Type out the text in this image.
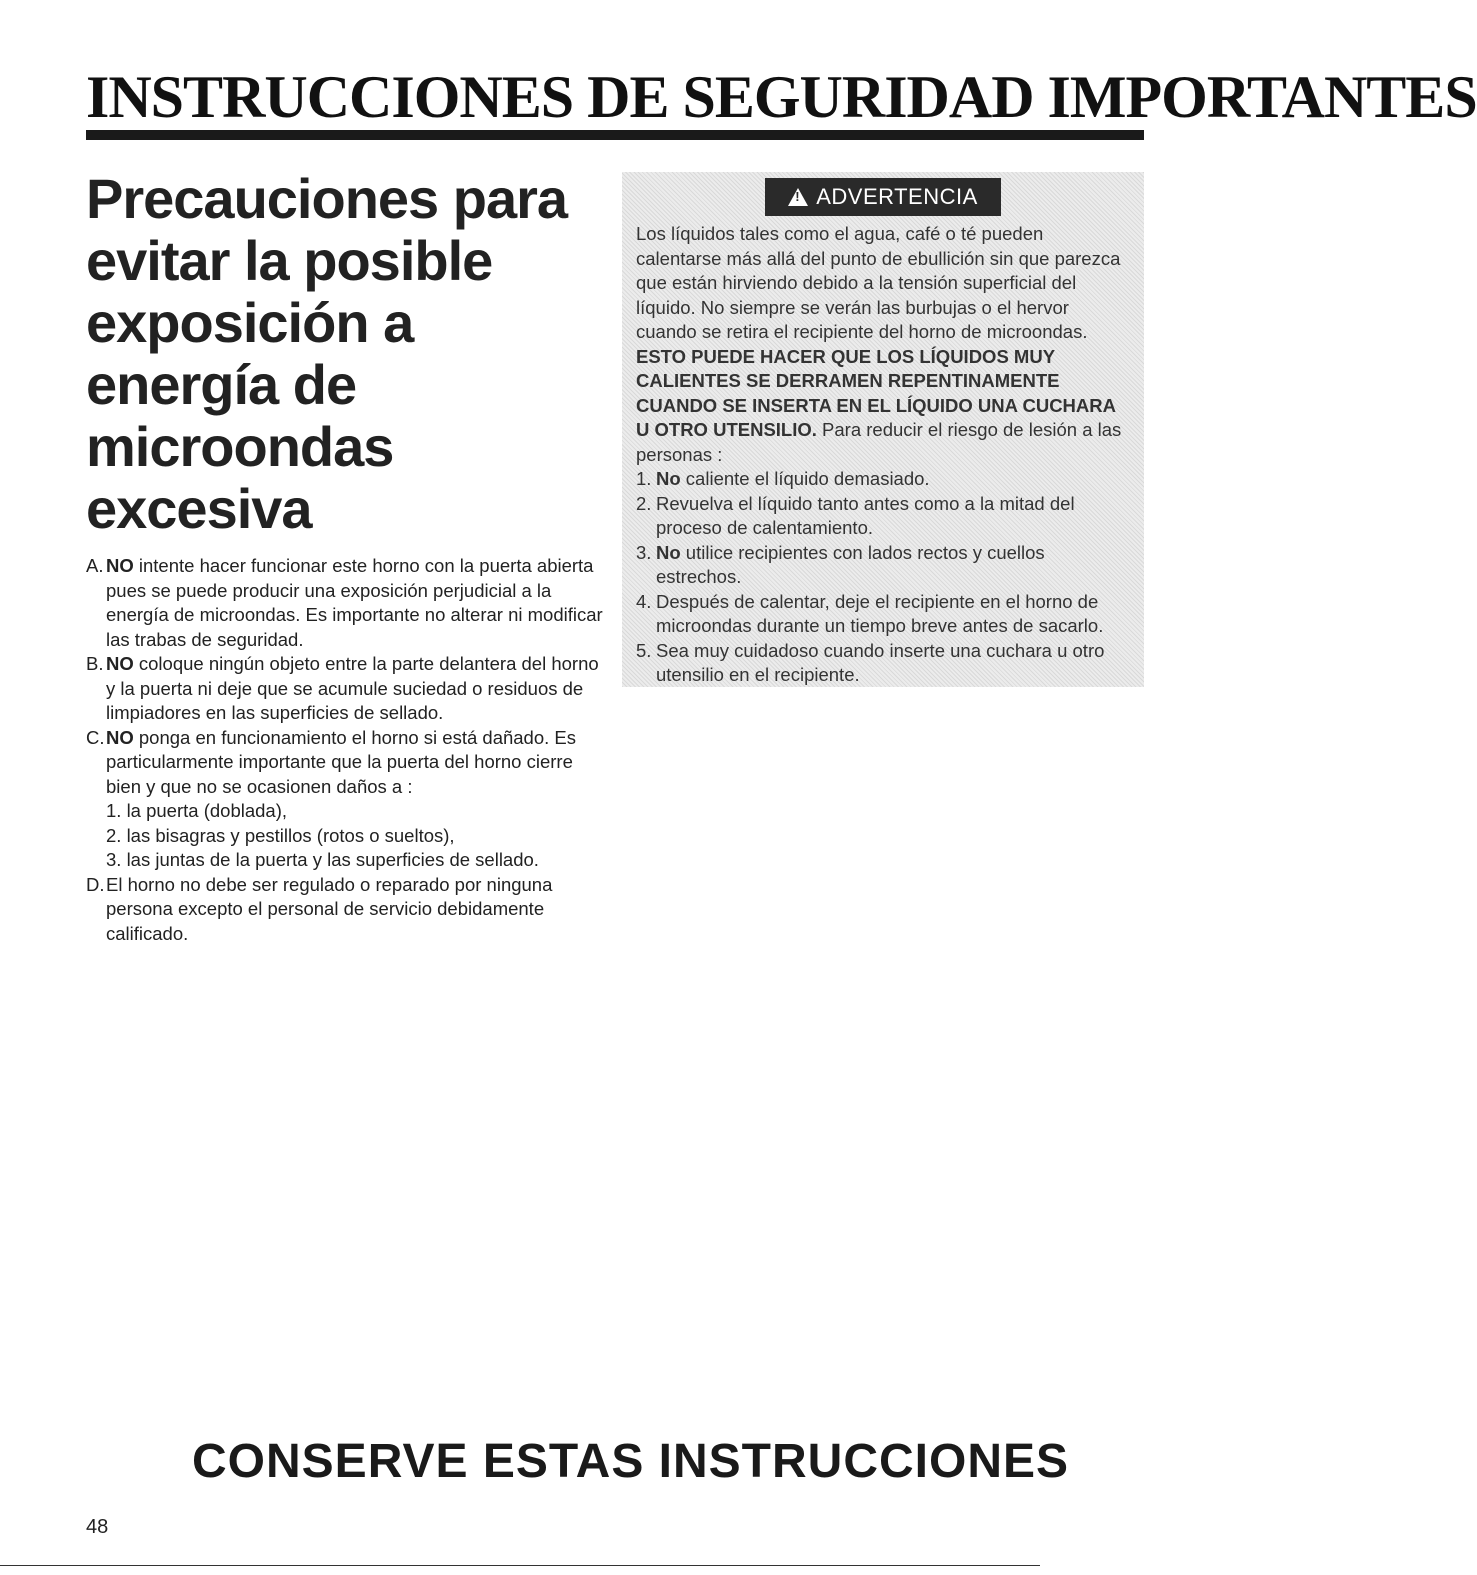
INSTRUCCIONES DE SEGURIDAD IMPORTANTES
Precauciones para
evitar la posible
exposición a energía de
microondas excesiva
A. NO intente hacer funcionar este horno con la puerta abierta pues se puede producir una exposición perjudicial a la energía de microondas. Es importante no alterar ni modificar las trabas de seguridad.
B. NO coloque ningún objeto entre la parte delantera del horno y la puerta ni deje que se acumule suciedad o residuos de limpiadores en las superficies de sellado.
C. NO ponga en funcionamiento el horno si está dañado. Es particularmente importante que la puerta del horno cierre bien y que no se ocasionen daños a :
1. la puerta (doblada),
2. las bisagras y pestillos (rotos o sueltos),
3. las juntas de la puerta y las superficies de sellado.
D. El horno no debe ser regulado o reparado por ninguna persona excepto el personal de servicio debidamente calificado.
!
ADVERTENCIA

Los líquidos tales como el agua, café o té pueden calentarse más allá del punto de ebullición sin que parezca que están hirviendo debido a la tensión superficial del líquido. No siempre se verán las burbujas o el hervor cuando se retira el recipiente del horno de microondas. ESTO PUEDE HACER QUE LOS LÍQUIDOS MUY CALIENTES SE DERRAMEN REPENTINAMENTE CUANDO SE INSERTA EN EL LÍQUIDO UNA CUCHARA U OTRO UTENSILIO. Para reducir el riesgo de lesión a las personas :

1. No caliente el líquido demasiado.
2. Revuelva el líquido tanto antes como a la mitad del proceso de calentamiento.
3. No utilice recipientes con lados rectos y cuellos estrechos.
4. Después de calentar, deje el recipiente en el horno de microondas durante un tiempo breve antes de sacarlo.
5. Sea muy cuidadoso cuando inserte una cuchara u otro utensilio en el recipiente.
CONSERVE ESTAS INSTRUCCIONES
48
